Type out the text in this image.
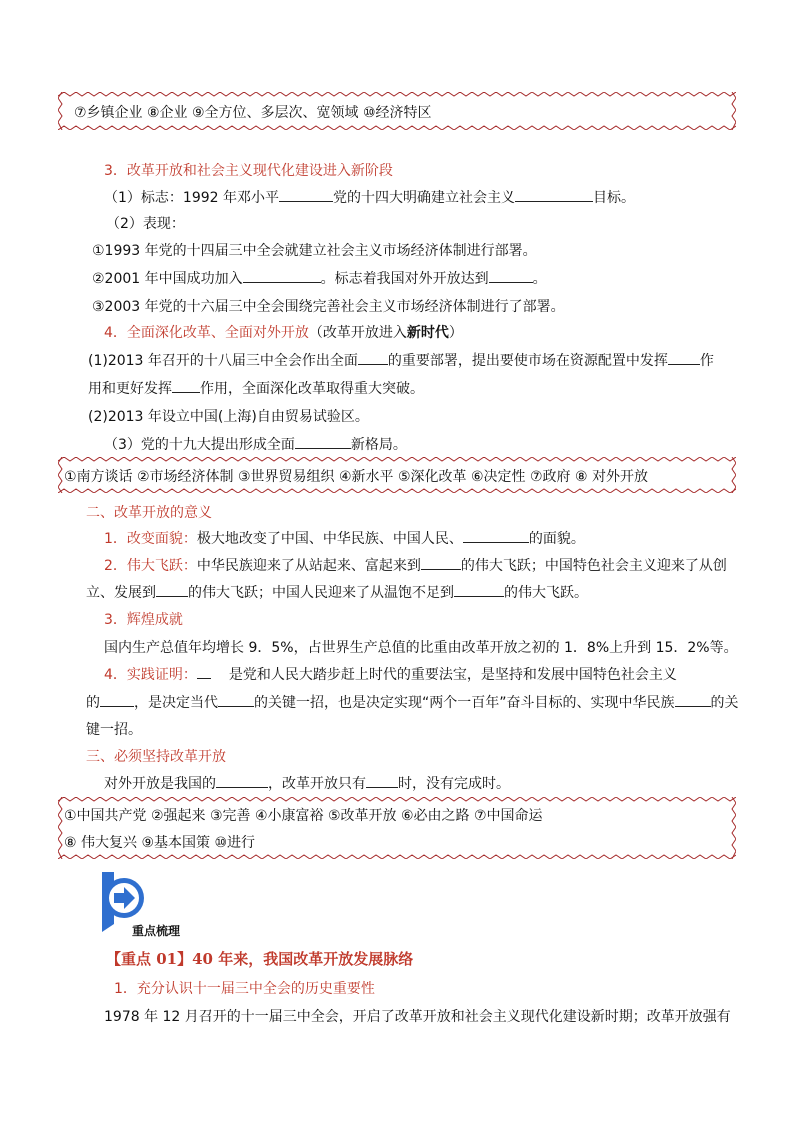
⑦乡镇企业 ⑧企业 ⑨全方位、多层次、宽领域 ⑩经济特区
3．改革开放和社会主义现代化建设进入新阶段
（1）标志：1992 年邓小平	党的十四大明确建立社会主义	目标。
（2）表现：
①1993 年党的十四届三中全会就建立社会主义市场经济体制进行部署。
②2001 年中国成功加入	。标志着我国对外开放达到	。
③2003 年党的十六届三中全会围绕完善社会主义市场经济体制进行了部署。
4．全面深化改革、全面对外开放（改革开放进入新时代）
(1)2013 年召开的十八届三中全会作出全面 的重要部署，提出要使市场在资源配置中发挥 作
用和更好发挥 作用，全面深化改革取得重大突破。
(2)2013 年设立中国(上海)自由贸易试验区。
（3）党的十九大提出形成全面	新格局。
①南方谈话 ②市场经济体制 ③世界贸易组织 ④新水平 ⑤深化改革 ⑥决定性 ⑦政府 ⑧ 对外开放
二、改革开放的意义
1．改变面貌：极大地改变了中国、中华民族、中国人民、	的面貌。
2．伟大飞跃：中华民族迎来了从站起来、富起来到	的伟大飞跃；中国特色社会主义迎来了从创
立、发展到 的伟大飞跃；中国人民迎来了从温饱不足到	的伟大飞跃。
3．辉煌成就
国内生产总值年均增长 9．5%，占世界生产总值的比重由改革开放之初的 1．8%上升到 15．2%等。
4．实践证明： 是党和人民大踏步赶上时代的重要法宝，是坚持和发展中国特色社会主义
的 ，是决定当代	的关键一招，也是决定实现“两个一百年”奋斗目标的、实现中华民族	的关
键一招。
三、必须坚持改革开放
对外开放是我国的	，改革开放只有 时，没有完成时。
①中国共产党 ②强起来 ③完善 ④小康富裕 ⑤改革开放 ⑥必由之路 ⑦中国命运
⑧ 伟大复兴 ⑨基本国策 ⑩进行
重点梳理
【重点 01】40 年来，我国改革开放发展脉络
1．充分认识十一届三中全会的历史重要性
1978 年 12 月召开的十一届三中全会，开启了改革开放和社会主义现代化建设新时期；改革开放强有
